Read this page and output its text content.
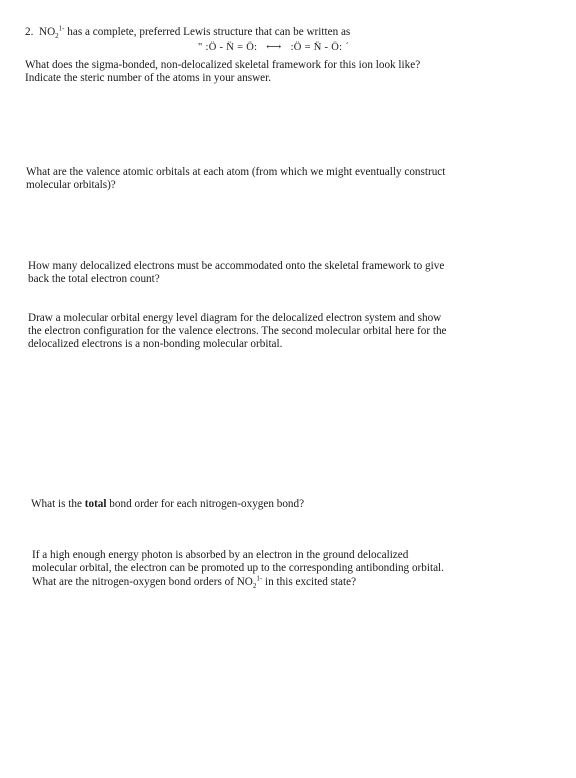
2. $NO_2^{1-}$ has a complete, preferred Lewis structure that can be written as
" :Ö - N̈ = Ö: ⟷ :Ö = N̈ - Ö: ´
What does the sigma-bonded, non-delocalized skeletal framework for this ion look like?
Indicate the steric number of the atoms in your answer.
What are the valence atomic orbitals at each atom (from which we might eventually construct
molecular orbitals)?
How many delocalized electrons must be accommodated onto the skeletal framework to give
back the total electron count?
Draw a molecular orbital energy level diagram for the delocalized electron system and show
the electron configuration for the valence electrons. The second molecular orbital here for the
delocalized electrons is a non-bonding molecular orbital.
What is the total bond order for each nitrogen-oxygen bond?
If a high enough energy photon is absorbed by an electron in the ground delocalized
molecular orbital, the electron can be promoted up to the corresponding antibonding orbital.
What are the nitrogen-oxygen bond orders of $NO_2^{1-}$ in this excited state?
